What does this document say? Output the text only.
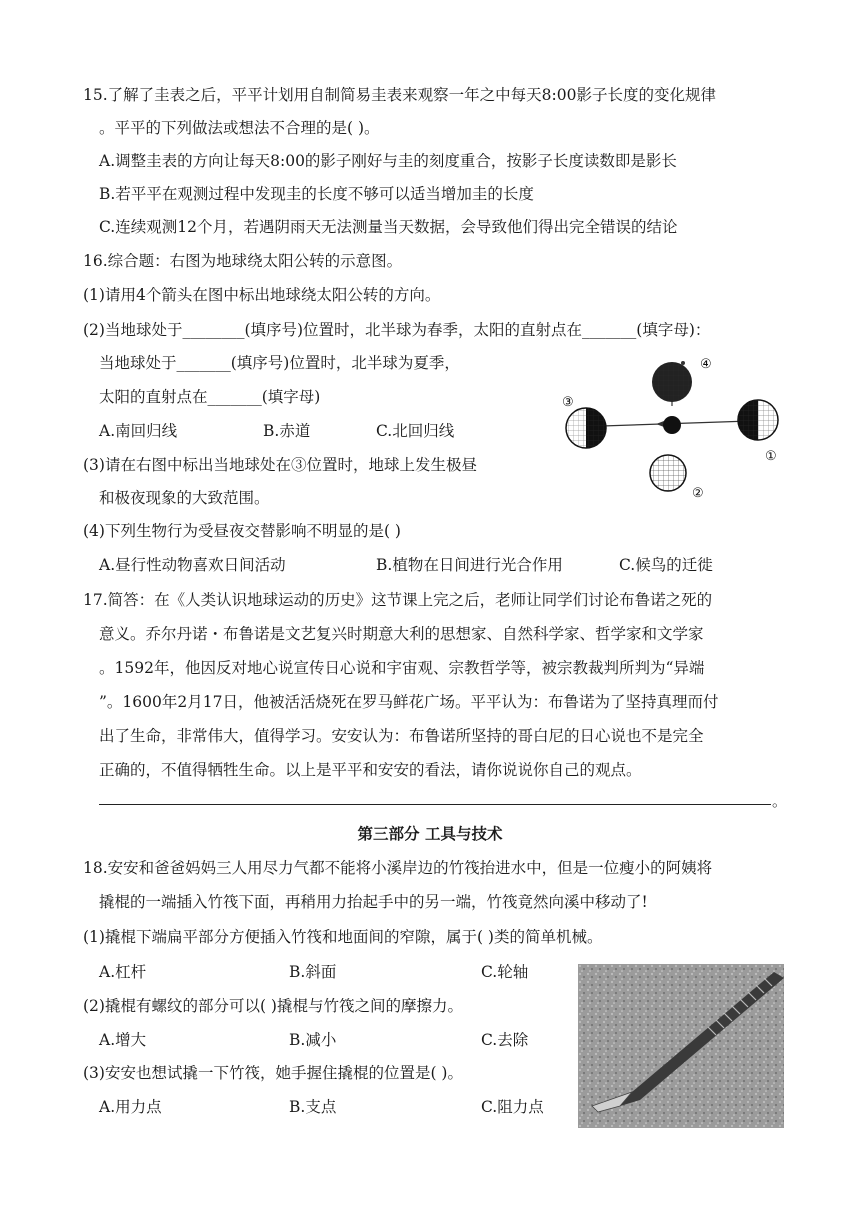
15.了解了圭表之后，平平计划用自制简易圭表来观察一年之中每天8:00影子长度的变化规律
。平平的下列做法或想法不合理的是( )。
A.调整圭表的方向让每天8:00的影子刚好与圭的刻度重合，按影子长度读数即是影长
B.若平平在观测过程中发现圭的长度不够可以适当增加圭的长度
C.连续观测12个月，若遇阴雨天无法测量当天数据，会导致他们得出完全错误的结论
16.综合题：右图为地球绕太阳公转的示意图。
(1)请用4个箭头在图中标出地球绕太阳公转的方向。
(2)当地球处于________(填序号)位置时，北半球为春季，太阳的直射点在_______(填字母)：
当地球处于_______(填序号)位置时，北半球为夏季，
太阳的直射点在_______(填字母)
A.南回归线	B.赤道	C.北回归线
(3)请在右图中标出当地球处在③位置时，地球上发生极昼
和极夜现象的大致范围。
(4)下列生物行为受昼夜交替影响不明显的是( )
A.昼行性动物喜欢日间活动	B.植物在日间进行光合作用	C.候鸟的迁徙
④
③
①
②
17.简答：在《人类认识地球运动的历史》这节课上完之后，老师让同学们讨论布鲁诺之死的
意义。乔尔丹诺・布鲁诺是文艺复兴时期意大利的思想家、自然科学家、哲学家和文学家
。1592年，他因反对地心说宣传日心说和宇宙观、宗教哲学等，被宗教裁判所判为“异端
”。1600年2月17日，他被活活烧死在罗马鲜花广场。平平认为：布鲁诺为了坚持真理而付
出了生命，非常伟大，值得学习。安安认为：布鲁诺所坚持的哥白尼的日心说也不是完全
正确的，不值得牺牲生命。以上是平平和安安的看法，请你说说你自己的观点。
。
第三部分 工具与技术
18.安安和爸爸妈妈三人用尽力气都不能将小溪岸边的竹筏抬进水中，但是一位瘦小的阿姨将
撬棍的一端插入竹筏下面，再稍用力抬起手中的另一端，竹筏竟然向溪中移动了!
(1)撬棍下端扁平部分方便插入竹筏和地面间的窄隙，属于( )类的简单机械。
A.杠杆	B.斜面	C.轮轴
(2)撬棍有螺纹的部分可以( )撬棍与竹筏之间的摩擦力。
A.增大	B.减小	C.去除
(3)安安也想试撬一下竹筏，她手握住撬棍的位置是( )。
A.用力点	B.支点	C.阻力点
